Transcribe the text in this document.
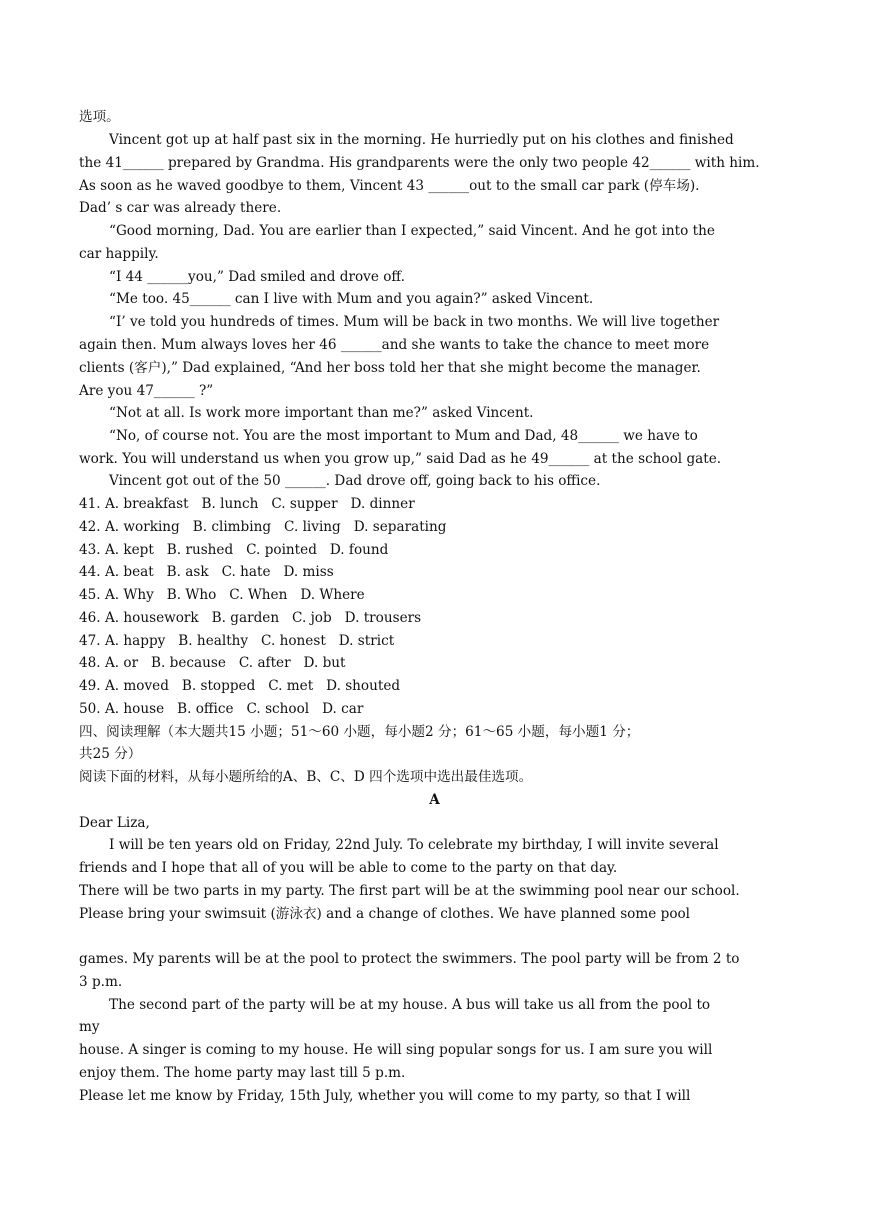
选项。
Vincent got up at half past six in the morning. He hurriedly put on his clothes and finished
the 41______ prepared by Grandma. His grandparents were the only two people 42______ with him.
As soon as he waved goodbye to them, Vincent 43 ______out to the small car park (停车场).
Dad’ s car was already there.
“Good morning, Dad. You are earlier than I expected,” said Vincent. And he got into the
car happily.
“I 44 ______you,” Dad smiled and drove off.
“Me too. 45______ can I live with Mum and you again?” asked Vincent.
“I’ ve told you hundreds of times. Mum will be back in two months. We will live together
again then. Mum always loves her 46 ______and she wants to take the chance to meet more
clients (客户),” Dad explained, “And her boss told her that she might become the manager.
Are you 47______ ?”
“Not at all. Is work more important than me?” asked Vincent.
“No, of course not. You are the most important to Mum and Dad, 48______ we have to
work. You will understand us when you grow up,” said Dad as he 49______ at the school gate.
Vincent got out of the 50 ______. Dad drove off, going back to his office.
41. A. breakfast   B. lunch   C. supper   D. dinner
42. A. working   B. climbing   C. living   D. separating
43. A. kept   B. rushed   C. pointed   D. found
44. A. beat   B. ask   C. hate   D. miss
45. A. Why   B. Who   C. When   D. Where
46. A. housework   B. garden   C. job   D. trousers
47. A. happy   B. healthy   C. honest   D. strict
48. A. or   B. because   C. after   D. but
49. A. moved   B. stopped   C. met   D. shouted
50. A. house   B. office   C. school   D. car
四、阅读理解（本大题共15 小题；51～60 小题，每小题2 分；61～65 小题，每小题1 分；
共25 分）
阅读下面的材料，从每小题所给的A、B、C、D 四个选项中选出最佳选项。
A
Dear Liza,
I will be ten years old on Friday, 22nd July. To celebrate my birthday, I will invite several
friends and I hope that all of you will be able to come to the party on that day.
There will be two parts in my party. The first part will be at the swimming pool near our school.
Please bring your swimsuit (游泳衣) and a change of clothes. We have planned some pool
games. My parents will be at the pool to protect the swimmers. The pool party will be from 2 to
3 p.m.
The second part of the party will be at my house. A bus will take us all from the pool to
my
house. A singer is coming to my house. He will sing popular songs for us. I am sure you will
enjoy them. The home party may last till 5 p.m.
Please let me know by Friday, 15th July, whether you will come to my party, so that I will
